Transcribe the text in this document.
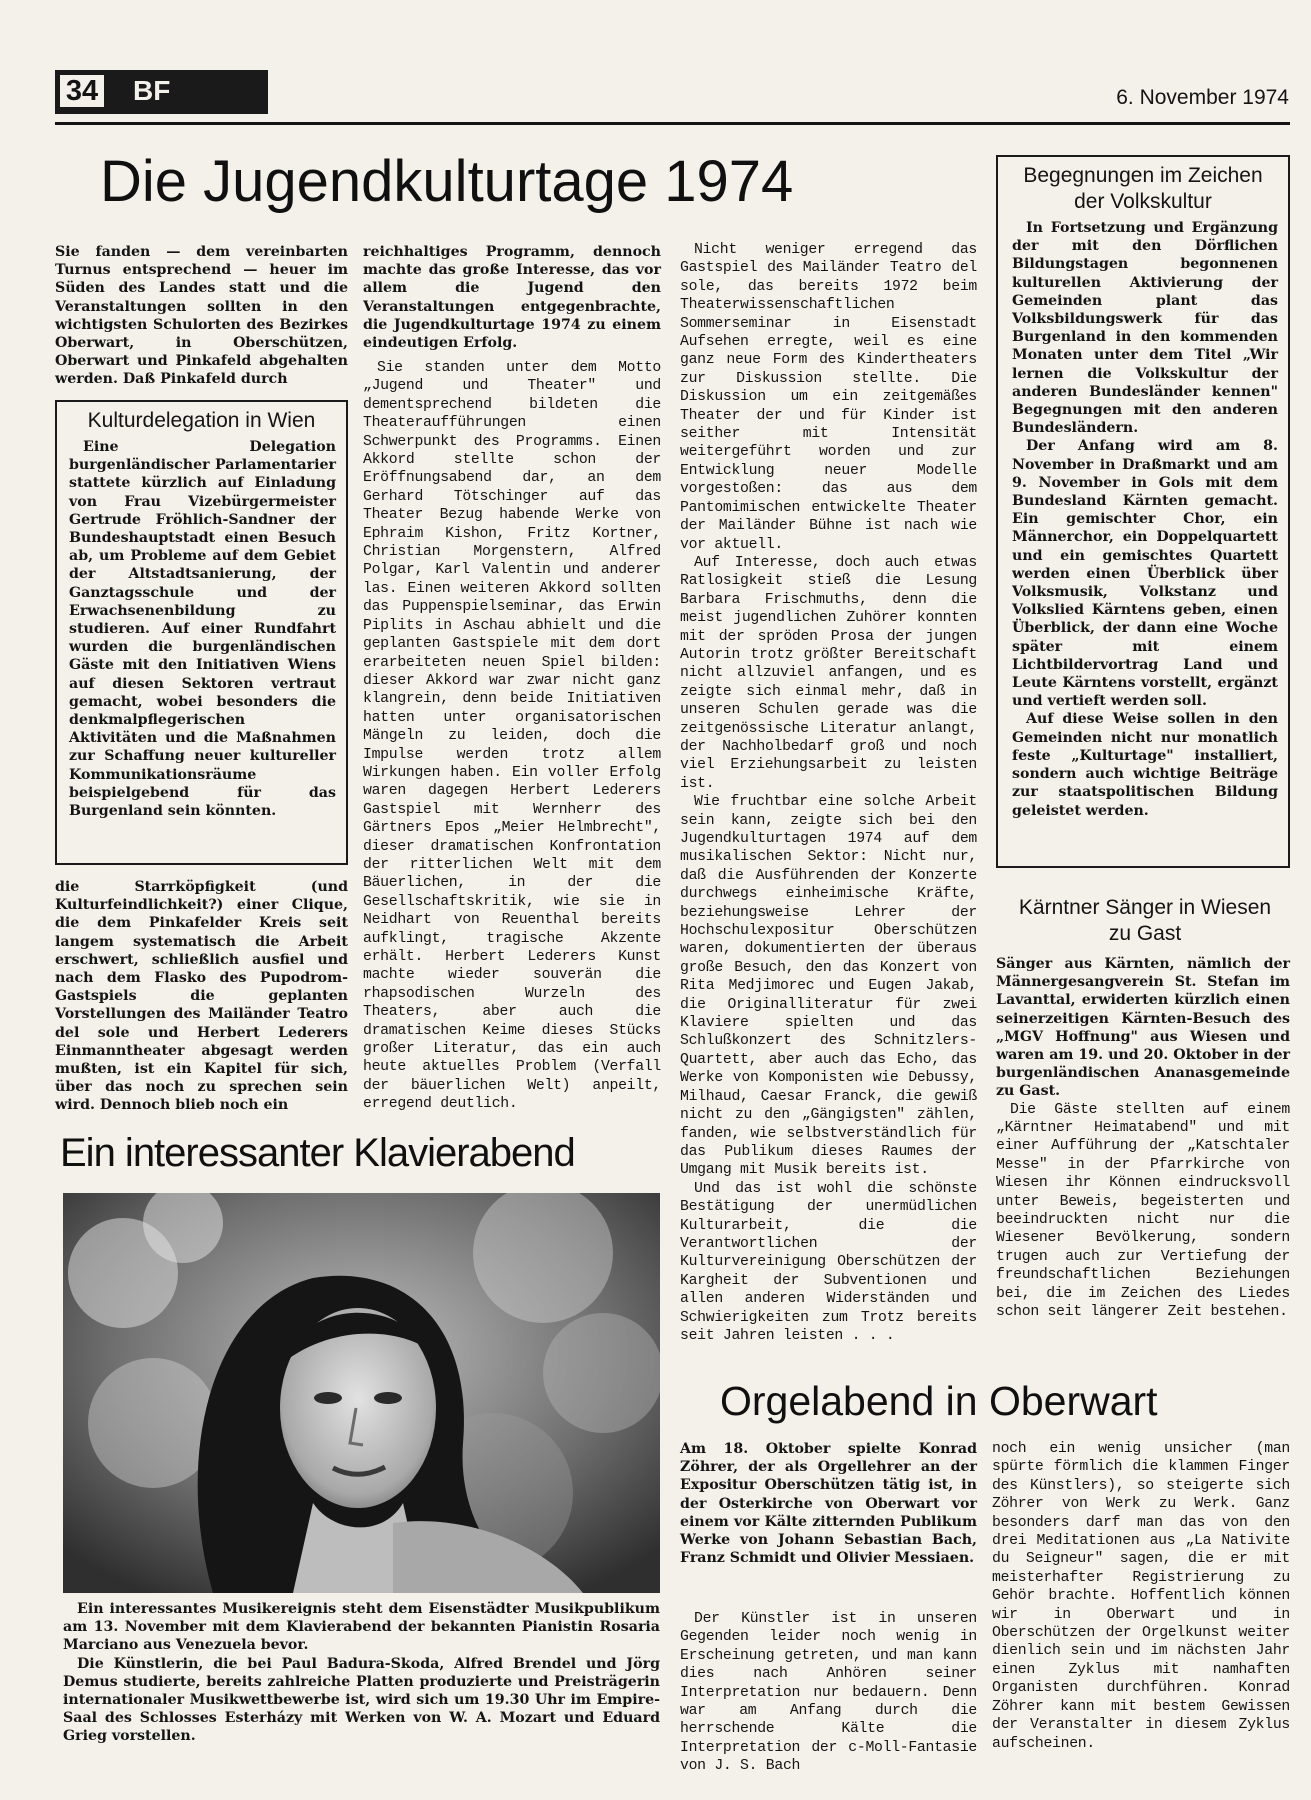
34 BF	6. November 1974
Die Jugendkulturtage 1974
Sie fanden — dem vereinbarten Turnus entsprechend — heuer im Süden des Landes statt und die Veranstaltungen sollten in den wichtigsten Schulorten des Bezirkes Oberwart, in Oberschützen, Oberwart und Pinkafeld abgehalten werden. Daß Pinkafeld durch
Kulturdelegation in Wien

Eine Delegation burgenländischer Parlamentarier stattete kürzlich auf Einladung von Frau Vizebürgermeister Gertrude Fröhlich-Sandner der Bundeshauptstadt einen Besuch ab, um Probleme auf dem Gebiet der Altstadtsanierung, der Ganztagsschule und der Erwachsenenbildung zu studieren. Auf einer Rundfahrt wurden die burgenländischen Gäste mit den Initiativen Wiens auf diesen Sektoren vertraut gemacht, wobei besonders die denkmalpflegerischen Aktivitäten und die Maßnahmen zur Schaffung neuer kultureller Kommunikationsräume beispielgebend für das Burgenland sein könnten.

die Starrköpfigkeit (und Kulturfeindlichkeit?) einer Clique, die dem Pinkafelder Kreis seit langem systematisch die Arbeit erschwert, schließlich ausfiel und nach dem Flasko des Pupodrom-Gastspiels die geplanten Vorstellungen des Mailänder Teatro del sole und Herbert Lederers Einmanntheater abgesagt werden mußten, ist ein Kapitel für sich, über das noch zu sprechen sein wird. Dennoch blieb noch ein
reichhaltiges Programm, dennoch machte das große Interesse, das vor allem die Jugend den Veranstaltungen entgegenbrachte, die Jugendkulturtage 1974 zu einem eindeutigen Erfolg.

Sie standen unter dem Motto „Jugend und Theater" und dementsprechend bildeten die Theateraufführungen einen Schwerpunkt des Programms. Einen Akkord stellte schon der Eröffnungsabend dar, an dem Gerhard Tötschinger auf das Theater Bezug habende Werke von Ephraim Kishon, Fritz Kortner, Christian Morgenstern, Alfred Polgar, Karl Valentin und anderer las. Einen weiteren Akkord sollten das Puppenspielseminar, das Erwin Piplits in Aschau abhielt und die geplanten Gastspiele mit dem dort erarbeiteten neuen Spiel bilden: dieser Akkord war zwar nicht ganz klangrein, denn beide Initiativen hatten unter organisatorischen Mängeln zu leiden, doch die Impulse werden trotz allem Wirkungen haben. Ein voller Erfolg waren dagegen Herbert Lederers Gastspiel mit Wernherr des Gärtners Epos „Meier Helmbrecht", dieser dramatischen Konfrontation der ritterlichen Welt mit dem Bäuerlichen, in der die Gesellschaftskritik, wie sie in Neidhart von Reuenthal bereits aufklingt, tragische Akzente erhält. Herbert Lederers Kunst machte wieder souverän die rhapsodischen Wurzeln des Theaters, aber auch die dramatischen Keime dieses Stücks großer Literatur, das ein auch heute aktuelles Problem (Verfall der bäuerlichen Welt) anpeilt, erregend deutlich.

Nicht weniger erregend das Gastspiel des Mailänder Teatro del sole, das bereits 1972 beim Theaterwissenschaftlichen Sommerseminar in Eisenstadt Aufsehen erregte, weil es eine ganz neue Form des Kindertheaters zur Diskussion stellte. Die Diskussion um ein zeitgemäßes Theater der und für Kinder ist seither mit Intensität weitergeführt worden und zur Entwicklung neuer Modelle vorgestoßen: das aus dem Pantomimischen entwickelte Theater der Mailänder Bühne ist nach wie vor aktuell.

Auf Interesse, doch auch etwas Ratlosigkeit stieß die Lesung Barbara Frischmuths, denn die meist jugendlichen Zuhörer konnten mit der spröden Prosa der jungen Autorin trotz größter Bereitschaft nicht allzuviel anfangen, und es zeigte sich einmal mehr, daß in unseren Schulen gerade was die zeitgenössische Literatur anlangt, der Nachholbedarf groß und noch viel Erziehungsarbeit zu leisten ist.

Wie fruchtbar eine solche Arbeit sein kann, zeigte sich bei den Jugendkulturtagen 1974 auf dem musikalischen Sektor: Nicht nur, daß die Ausführenden der Konzerte durchwegs einheimische Kräfte, beziehungsweise Lehrer der Hochschulexpositur Oberschützen waren, dokumentierten der überaus große Besuch, den das Konzert von Rita Medjimorec und Eugen Jakab, die Originalliteratur für zwei Klaviere spielten und das Schlußkonzert des Schnitzlers-Quartett, aber auch das Echo, das Werke von Komponisten wie Debussy, Milhaud, Caesar Franck, die gewiß nicht zu den „Gängigsten" zählen, fanden, wie selbstverständlich für das Publikum dieses Raumes der Umgang mit Musik bereits ist.

Und das ist wohl die schönste Bestätigung der unermüdlichen Kulturarbeit, die die Verantwortlichen der Kulturvereinigung Oberschützen der Kargheit der Subventionen und allen anderen Widerständen und Schwierigkeiten zum Trotz bereits seit Jahren leisten . . .

Begegnungen im Zeichen der Volkskultur

In Fortsetzung und Ergänzung der mit den Dörflichen Bildungstagen begonnenen kulturellen Aktivierung der Gemeinden plant das Volksbildungswerk für das Burgenland in den kommenden Monaten unter dem Titel „Wir lernen die Volkskultur der anderen Bundesländer kennen" Begegnungen mit den anderen Bundesländern.

Der Anfang wird am 8. November in Draßmarkt und am 9. November in Gols mit dem Bundesland Kärnten gemacht. Ein gemischter Chor, ein Männerchor, ein Doppelquartett und ein gemischtes Quartett werden einen Überblick über Volksmusik, Volkstanz und Volkslied Kärntens geben, einen Überblick, der dann eine Woche später mit einem Lichtbildervortrag Land und Leute Kärntens vorstellt, ergänzt und vertieft werden soll.

Auf diese Weise sollen in den Gemeinden nicht nur monatlich feste „Kulturtage" installiert, sondern auch wichtige Beiträge zur staatspolitischen Bildung geleistet werden.

Kärntner Sänger in Wiesen zu Gast
Sänger aus Kärnten, nämlich der Männergesangverein St. Stefan im Lavanttal, erwiderten kürzlich einen seinerzeitigen Kärnten-Besuch des „MGV Hoffnung" aus Wiesen und waren am 19. und 20. Oktober in der burgenländischen Ananasgemeinde zu Gast.
Die Gäste stellten auf einem „Kärntner Heimatabend" und mit einer Aufführung der „Katschtaler Messe" in der Pfarrkirche von Wiesen ihr Können eindrucksvoll unter Beweis, begeisterten und beeindruckten nicht nur die Wiesener Bevölkerung, sondern trugen auch zur Vertiefung der freundschaftlichen Beziehungen bei, die im Zeichen des Liedes schon seit längerer Zeit bestehen.
Ein interessanter Klavierabend

Ein interessantes Musikereignis steht dem Eisenstädter Musikpublikum am 13. November mit dem Klavierabend der bekannten Pianistin Rosaria Marciano aus Venezuela bevor.

Die Künstlerin, die bei Paul Badura-Skoda, Alfred Brendel und Jörg Demus studierte, bereits zahlreiche Platten produzierte und Preisträgerin internationaler Musikwettbewerbe ist, wird sich um 19.30 Uhr im Empire-Saal des Schlosses Esterházy mit Werken von W. A. Mozart und Eduard Grieg vorstellen.

Orgelabend in Oberwart
Am 18. Oktober spielte Konrad Zöhrer, der als Orgellehrer an der Expositur Oberschützen tätig ist, in der Osterkirche von Oberwart vor einem vor Kälte zitternden Publikum Werke von Johann Sebastian Bach, Franz Schmidt und Olivier Messiaen.

Der Künstler ist in unseren Gegenden leider noch wenig in Erscheinung getreten, und man kann dies nach Anhören seiner Interpretation nur bedauern. Denn war am Anfang durch die herrschende Kälte die Interpretation der c-Moll-Fantasie von J. S. Bach

noch ein wenig unsicher (man spürte förmlich die klammen Finger des Künstlers), so steigerte sich Zöhrer von Werk zu Werk. Ganz besonders darf man das von den drei Meditationen aus „La Nativite du Seigneur" sagen, die er mit meisterhafter Registrierung zu Gehör brachte. Hoffentlich können wir in Oberwart und in Oberschützen der Orgelkunst weiter dienlich sein und im nächsten Jahr einen Zyklus mit namhaften Organisten durchführen. Konrad Zöhrer kann mit bestem Gewissen der Veranstalter in diesem Zyklus aufscheinen.
